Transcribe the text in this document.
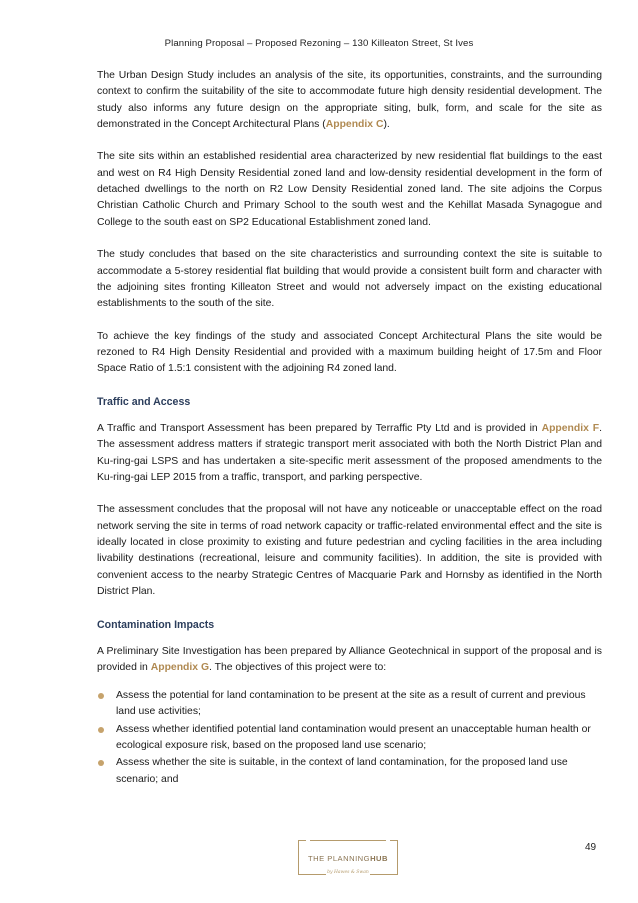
Planning Proposal – Proposed Rezoning – 130 Killeaton Street, St Ives

The Urban Design Study includes an analysis of the site, its opportunities, constraints, and the surrounding context to confirm the suitability of the site to accommodate future high density residential development. The study also informs any future design on the appropriate siting, bulk, form, and scale for the site as demonstrated in the Concept Architectural Plans (Appendix C).

The site sits within an established residential area characterized by new residential flat buildings to the east and west on R4 High Density Residential zoned land and low-density residential development in the form of detached dwellings to the north on R2 Low Density Residential zoned land. The site adjoins the Corpus Christian Catholic Church and Primary School to the south west and the Kehillat Masada Synagogue and College to the south east on SP2 Educational Establishment zoned land.

The study concludes that based on the site characteristics and surrounding context the site is suitable to accommodate a 5-storey residential flat building that would provide a consistent built form and character with the adjoining sites fronting Killeaton Street and would not adversely impact on the existing educational establishments to the south of the site.

To achieve the key findings of the study and associated Concept Architectural Plans the site would be rezoned to R4 High Density Residential and provided with a maximum building height of 17.5m and Floor Space Ratio of 1.5:1 consistent with the adjoining R4 zoned land.

Traffic and Access

A Traffic and Transport Assessment has been prepared by Terraffic Pty Ltd and is provided in Appendix F. The assessment address matters if strategic transport merit associated with both the North District Plan and Ku-ring-gai LSPS and has undertaken a site-specific merit assessment of the proposed amendments to the Ku-ring-gai LEP 2015 from a traffic, transport, and parking perspective.

The assessment concludes that the proposal will not have any noticeable or unacceptable effect on the road network serving the site in terms of road network capacity or traffic-related environmental effect and the site is ideally located in close proximity to existing and future pedestrian and cycling facilities in the area including livability destinations (recreational, leisure and community facilities). In addition, the site is provided with convenient access to the nearby Strategic Centres of Macquarie Park and Hornsby as identified in the North District Plan.

Contamination Impacts

A Preliminary Site Investigation has been prepared by Alliance Geotechnical in support of the proposal and is provided in Appendix G. The objectives of this project were to:

Assess the potential for land contamination to be present at the site as a result of current and previous land use activities;
Assess whether identified potential land contamination would present an unacceptable human health or ecological exposure risk, based on the proposed land use scenario;
Assess whether the site is suitable, in the context of land contamination, for the proposed land use scenario; and
49
THE PLANNINGHUB
by Hawes & Swan
